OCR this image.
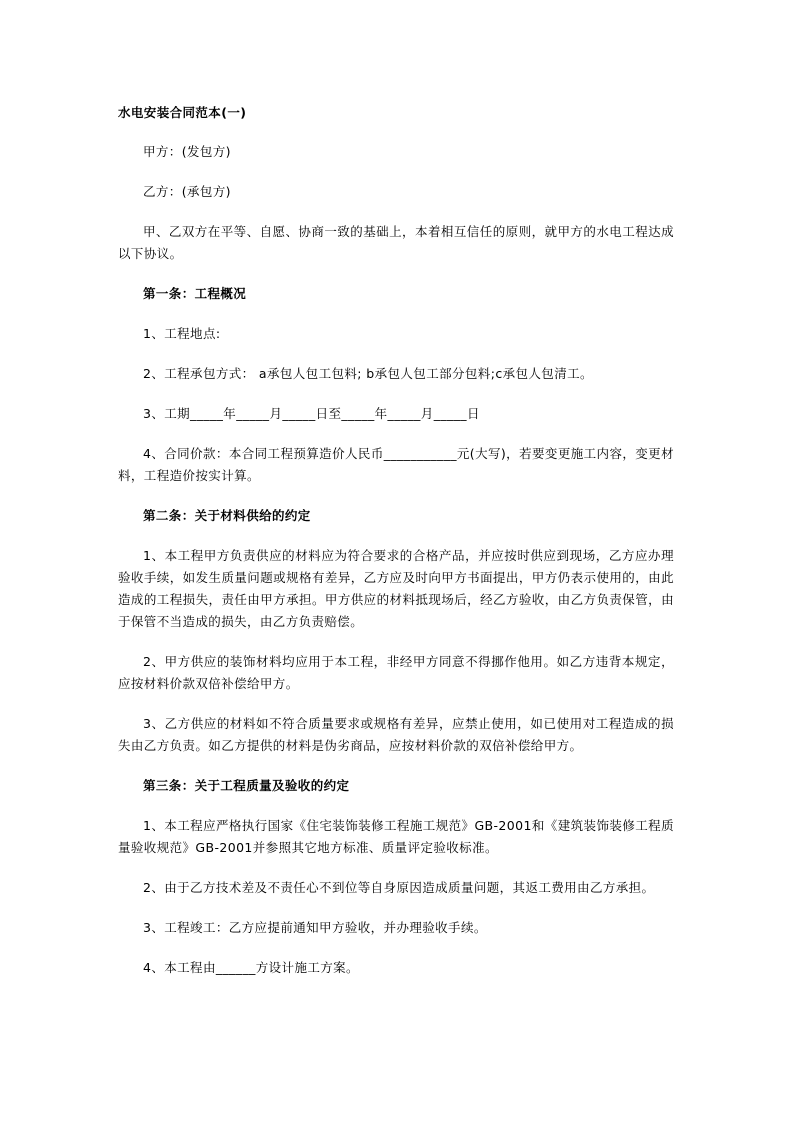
水电安装合同范本(一)

甲方：(发包方)

乙方：(承包方)

甲、乙双方在平等、自愿、协商一致的基础上，本着相互信任的原则，就甲方的水电工程达成以下协议。

第一条：工程概况

1、工程地点:

2、工程承包方式： a承包人包工包料; b承包人包工部分包料;c承包人包清工。

3、工期_____年_____月_____日至_____年_____月_____日

4、合同价款：本合同工程预算造价人民币___________元(大写)，若要变更施工内容，变更材料，工程造价按实计算。

第二条：关于材料供给的约定

1、本工程甲方负责供应的材料应为符合要求的合格产品，并应按时供应到现场，乙方应办理验收手续，如发生质量问题或规格有差异，乙方应及时向甲方书面提出，甲方仍表示使用的，由此造成的工程损失，责任由甲方承担。甲方供应的材料抵现场后，经乙方验收，由乙方负责保管，由于保管不当造成的损失，由乙方负责赔偿。

2、甲方供应的装饰材料均应用于本工程，非经甲方同意不得挪作他用。如乙方违背本规定，应按材料价款双倍补偿给甲方。

3、乙方供应的材料如不符合质量要求或规格有差异，应禁止使用，如已使用对工程造成的损失由乙方负责。如乙方提供的材料是伪劣商品，应按材料价款的双倍补偿给甲方。

第三条：关于工程质量及验收的约定

1、本工程应严格执行国家《住宅装饰装修工程施工规范》GB-2001和《建筑装饰装修工程质量验收规范》GB-2001并参照其它地方标准、质量评定验收标准。

2、由于乙方技术差及不责任心不到位等自身原因造成质量问题，其返工费用由乙方承担。

3、工程竣工：乙方应提前通知甲方验收，并办理验收手续。

4、本工程由______方设计施工方案。
